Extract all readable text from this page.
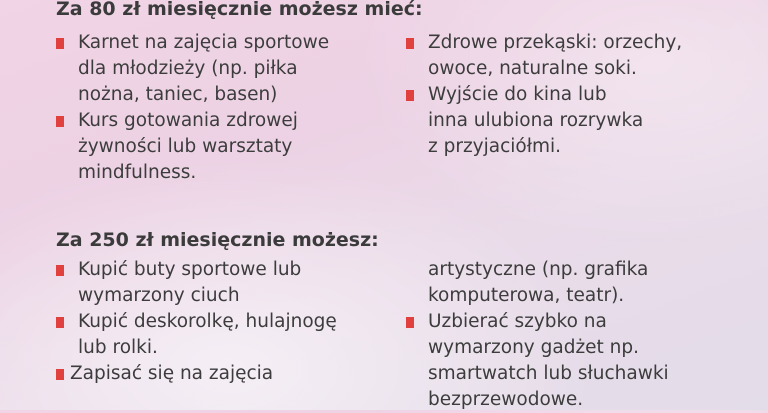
Za 80 zł miesięcznie możesz mieć:
Karnet na zajęcia sportowe
dla młodzieży (np. piłka
nożna, taniec, basen)
Kurs gotowania zdrowej
żywności lub warsztaty
mindfulness.
Zdrowe przekąski: orzechy,
owoce, naturalne soki.
Wyjście do kina lub
inna ulubiona rozrywka
z przyjaciółmi.
Za 250 zł miesięcznie możesz:
Kupić buty sportowe lub
wymarzony ciuch
Kupić deskorolkę, hulajnogę
lub rolki.
Zapisać się na zajęcia
artystyczne (np. grafika
komputerowa, teatr).
Uzbierać szybko na
wymarzony gadżet np.
smartwatch lub słuchawki
bezprzewodowe.
